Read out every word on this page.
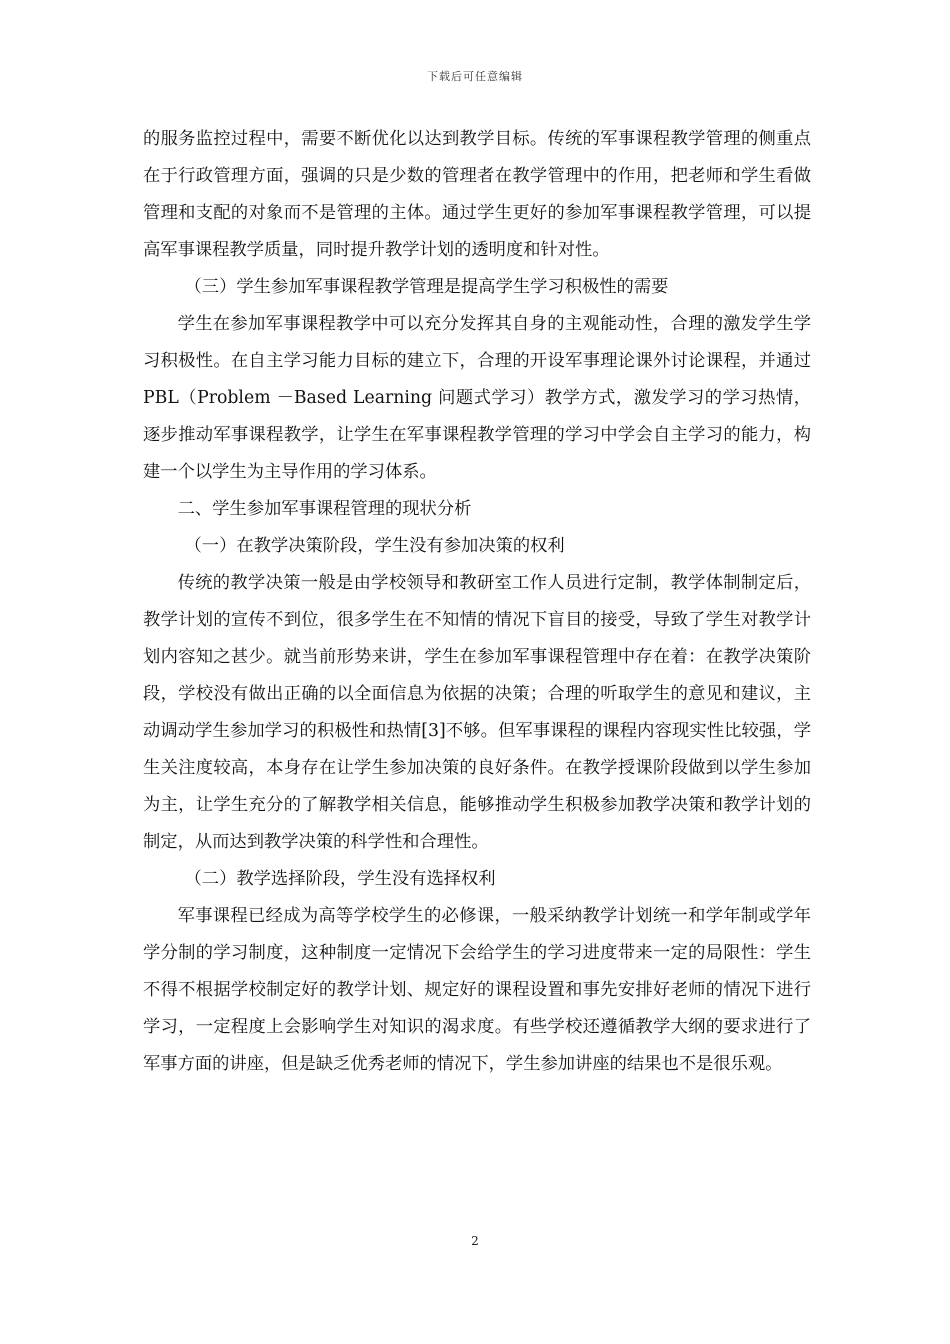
下载后可任意编辑

的服务监控过程中，需要不断优化以达到教学目标。传统的军事课程教学管理的侧重点在于行政管理方面，强调的只是少数的管理者在教学管理中的作用，把老师和学生看做管理和支配的对象而不是管理的主体。通过学生更好的参加军事课程教学管理，可以提高军事课程教学质量，同时提升教学计划的透明度和针对性。

（三）学生参加军事课程教学管理是提高学生学习积极性的需要

学生在参加军事课程教学中可以充分发挥其自身的主观能动性，合理的激发学生学习积极性。在自主学习能力目标的建立下，合理的开设军事理论课外讨论课程，并通过PBL（Problem －Based Learning 问题式学习）教学方式，激发学习的学习热情，逐步推动军事课程教学，让学生在军事课程教学管理的学习中学会自主学习的能力，构建一个以学生为主导作用的学习体系。

二、学生参加军事课程管理的现状分析

（一）在教学决策阶段，学生没有参加决策的权利

传统的教学决策一般是由学校领导和教研室工作人员进行定制，教学体制制定后，教学计划的宣传不到位，很多学生在不知情的情况下盲目的接受，导致了学生对教学计划内容知之甚少。就当前形势来讲，学生在参加军事课程管理中存在着：在教学决策阶段，学校没有做出正确的以全面信息为依据的决策；合理的听取学生的意见和建议，主动调动学生参加学习的积极性和热情[3]不够。但军事课程的课程内容现实性比较强，学生关注度较高，本身存在让学生参加决策的良好条件。在教学授课阶段做到以学生参加为主，让学生充分的了解教学相关信息，能够推动学生积极参加教学决策和教学计划的制定，从而达到教学决策的科学性和合理性。

（二）教学选择阶段，学生没有选择权利

军事课程已经成为高等学校学生的必修课，一般采纳教学计划统一和学年制或学年学分制的学习制度，这种制度一定情况下会给学生的学习进度带来一定的局限性：学生不得不根据学校制定好的教学计划、规定好的课程设置和事先安排好老师的情况下进行学习，一定程度上会影响学生对知识的渴求度。有些学校还遵循教学大纲的要求进行了军事方面的讲座，但是缺乏优秀老师的情况下，学生参加讲座的结果也不是很乐观。

2
